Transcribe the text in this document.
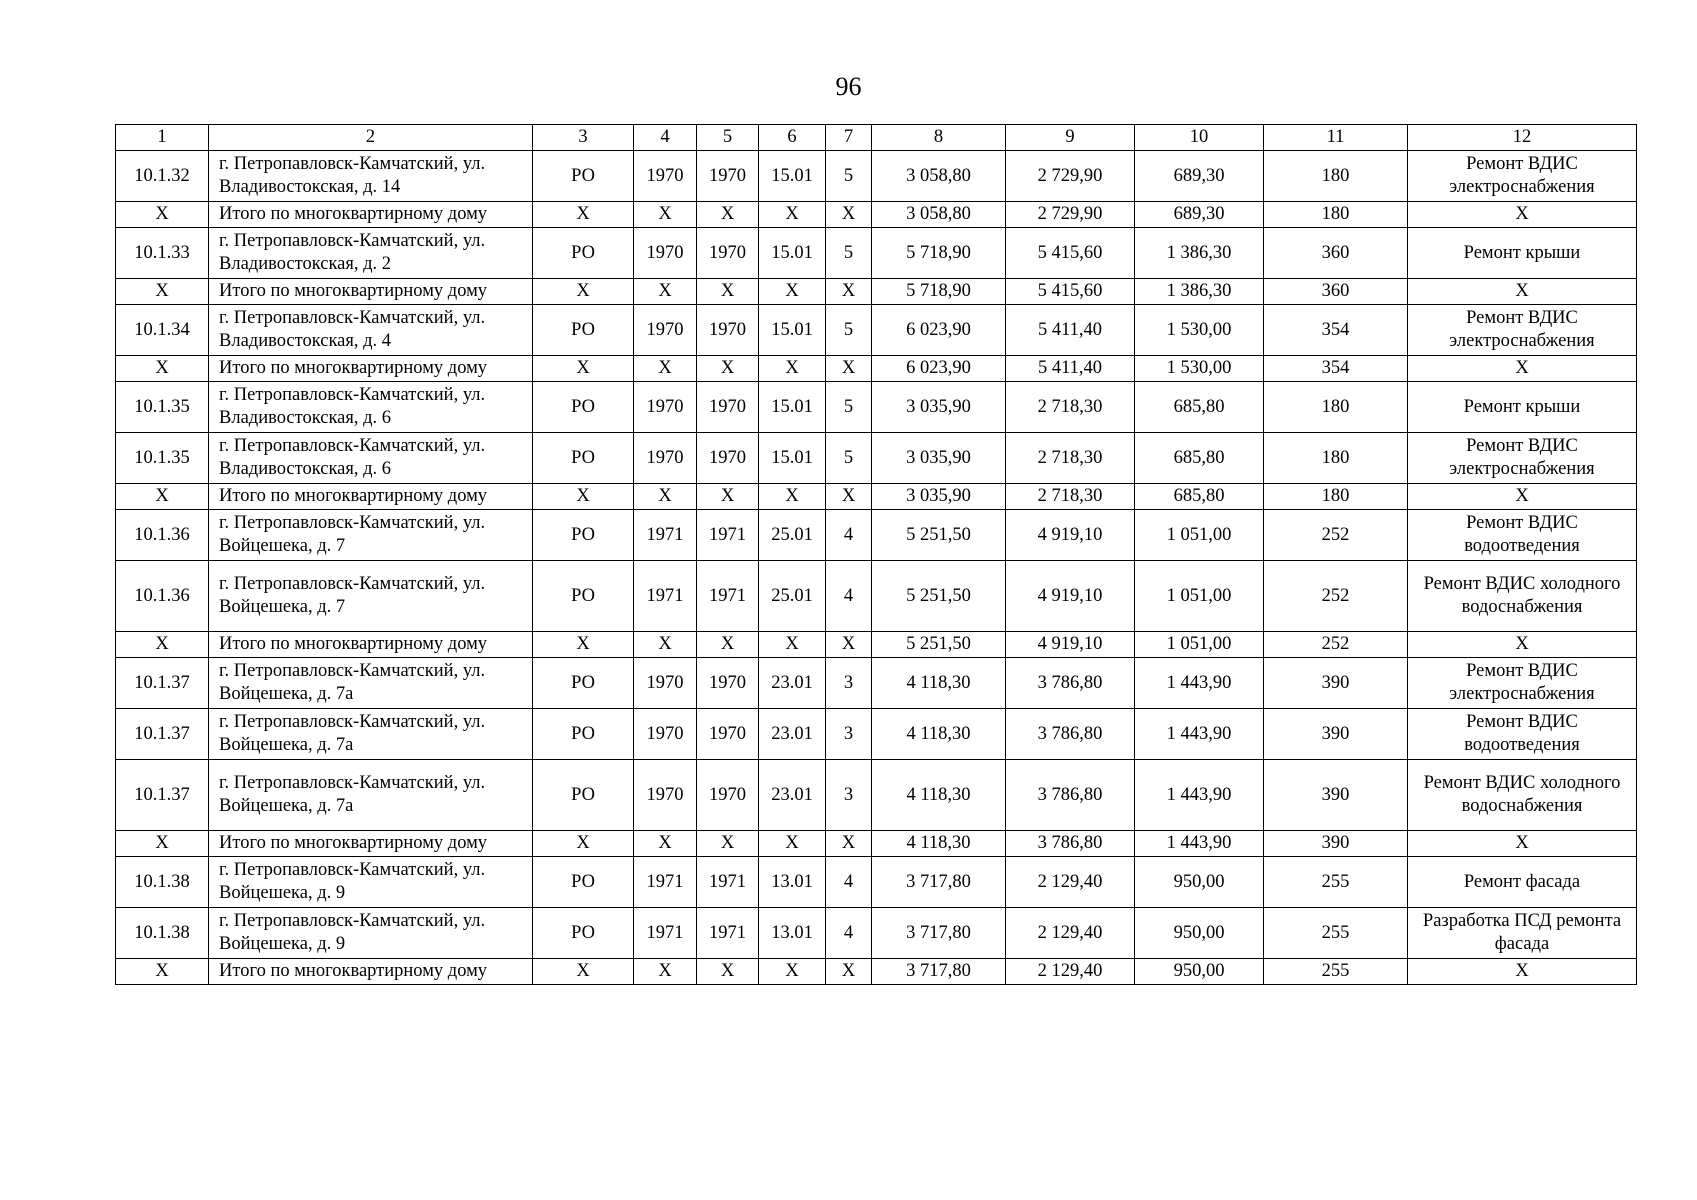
96
1	2	3	4	5	6	7	8	9	10	11	12
10.1.32	г. Петропавловск-Камчатский, ул. Владивостокская, д. 14	РО	1970	1970	15.01	5	3 058,80	2 729,90	689,30	180	Ремонт ВДИС электроснабжения
Х	Итого по многоквартирному дому	Х	Х	Х	Х	Х	3 058,80	2 729,90	689,30	180	Х
10.1.33	г. Петропавловск-Камчатский, ул. Владивостокская, д. 2	РО	1970	1970	15.01	5	5 718,90	5 415,60	1 386,30	360	Ремонт крыши
Х	Итого по многоквартирному дому	Х	Х	Х	Х	Х	5 718,90	5 415,60	1 386,30	360	Х
10.1.34	г. Петропавловск-Камчатский, ул. Владивостокская, д. 4	РО	1970	1970	15.01	5	6 023,90	5 411,40	1 530,00	354	Ремонт ВДИС электроснабжения
Х	Итого по многоквартирному дому	Х	Х	Х	Х	Х	6 023,90	5 411,40	1 530,00	354	Х
10.1.35	г. Петропавловск-Камчатский, ул. Владивостокская, д. 6	РО	1970	1970	15.01	5	3 035,90	2 718,30	685,80	180	Ремонт крыши
10.1.35	г. Петропавловск-Камчатский, ул. Владивостокская, д. 6	РО	1970	1970	15.01	5	3 035,90	2 718,30	685,80	180	Ремонт ВДИС электроснабжения
Х	Итого по многоквартирному дому	Х	Х	Х	Х	Х	3 035,90	2 718,30	685,80	180	Х
10.1.36	г. Петропавловск-Камчатский, ул. Войцешека, д. 7	РО	1971	1971	25.01	4	5 251,50	4 919,10	1 051,00	252	Ремонт ВДИС водоотведения
10.1.36	г. Петропавловск-Камчатский, ул. Войцешека, д. 7	РО	1971	1971	25.01	4	5 251,50	4 919,10	1 051,00	252	Ремонт ВДИС холодного водоснабжения
Х	Итого по многоквартирному дому	Х	Х	Х	Х	Х	5 251,50	4 919,10	1 051,00	252	Х
10.1.37	г. Петропавловск-Камчатский, ул. Войцешека, д. 7а	РО	1970	1970	23.01	3	4 118,30	3 786,80	1 443,90	390	Ремонт ВДИС электроснабжения
10.1.37	г. Петропавловск-Камчатский, ул. Войцешека, д. 7а	РО	1970	1970	23.01	3	4 118,30	3 786,80	1 443,90	390	Ремонт ВДИС водоотведения
10.1.37	г. Петропавловск-Камчатский, ул. Войцешека, д. 7а	РО	1970	1970	23.01	3	4 118,30	3 786,80	1 443,90	390	Ремонт ВДИС холодного водоснабжения
Х	Итого по многоквартирному дому	Х	Х	Х	Х	Х	4 118,30	3 786,80	1 443,90	390	Х
10.1.38	г. Петропавловск-Камчатский, ул. Войцешека, д. 9	РО	1971	1971	13.01	4	3 717,80	2 129,40	950,00	255	Ремонт фасада
10.1.38	г. Петропавловск-Камчатский, ул. Войцешека, д. 9	РО	1971	1971	13.01	4	3 717,80	2 129,40	950,00	255	Разработка ПСД ремонта фасада
Х	Итого по многоквартирному дому	Х	Х	Х	Х	Х	3 717,80	2 129,40	950,00	255	Х
